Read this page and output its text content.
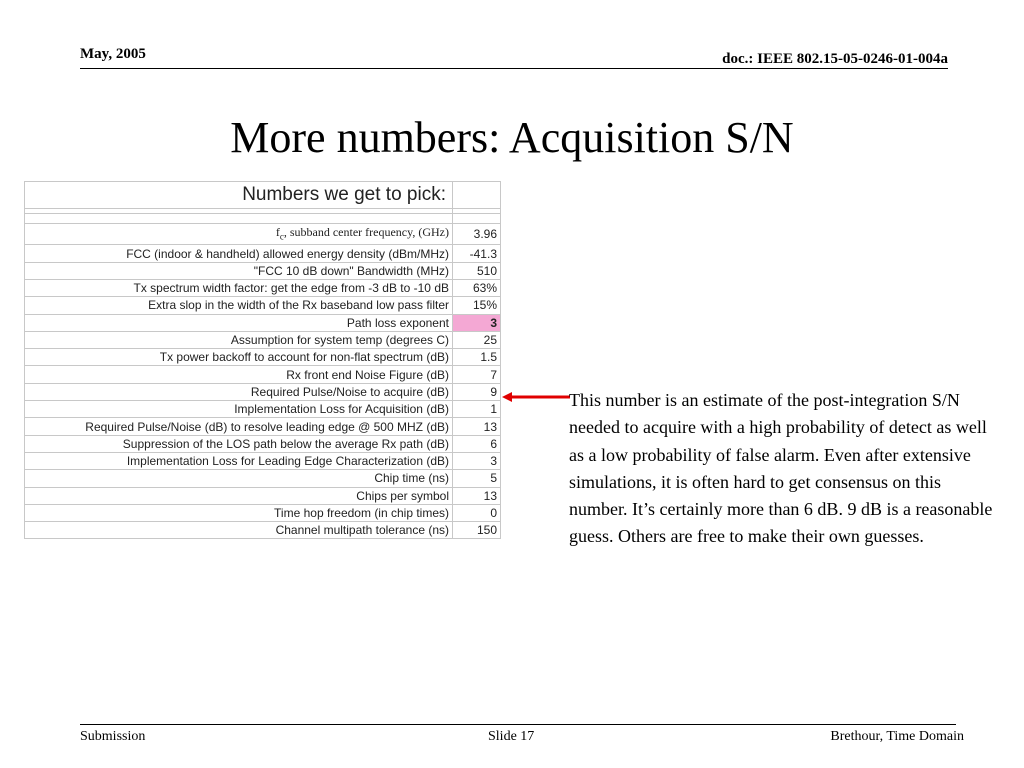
May, 2005	doc.: IEEE 802.15-05-0246-01-004a
More numbers: Acquisition S/N
Numbers we get to pick:	

$f_c$, subband center frequency, (GHz)	3.96
FCC (indoor & handheld) allowed energy density (dBm/MHz)	-41.3
"FCC 10 dB down" Bandwidth (MHz)	510
Tx spectrum width factor: get the edge from -3 dB to -10 dB	63%
Extra slop in the width of the Rx baseband low pass filter	15%
Path loss exponent	3
Assumption for system temp (degrees C)	25
Tx power backoff to account for non-flat spectrum (dB)	1.5
Rx front end Noise Figure (dB)	7
Required Pulse/Noise to acquire (dB)	9
Implementation Loss for Acquisition (dB)	1
Required Pulse/Noise (dB) to resolve leading edge @ 500 MHZ (dB)	13
Suppression of the LOS path below the average Rx path (dB)	6
Implementation Loss for Leading Edge Characterization (dB)	3
Chip time (ns)	5
Chips per symbol	13
Time hop freedom (in chip times)	0
Channel multipath tolerance (ns)	150
This number is an estimate of the post-integration S/N needed to acquire with a high probability of detect as well as a low probability of false alarm. Even after extensive simulations, it is often hard to get consensus on this number. It’s certainly more than 6 dB. 9 dB is a reasonable guess. Others are free to make their own guesses.
Submission	Slide 17	Brethour, Time Domain
